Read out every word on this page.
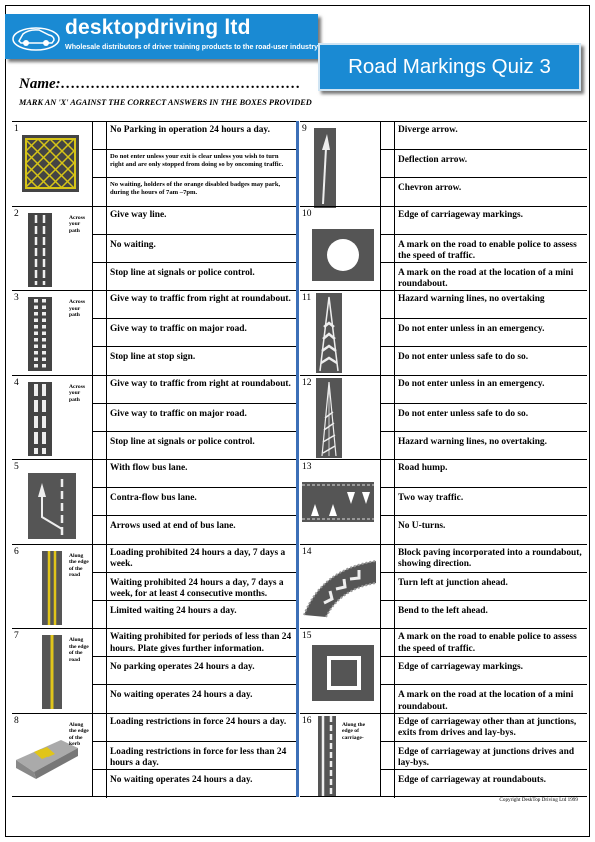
desktopdriving ltd
Wholesale distributors of driver training products to the road-user industry
Road Markings Quiz 3
Name:…………………………………………
MARK AN 'X' AGAINST THE CORRECT ANSWERS IN THE BOXES PROVIDED
1	No Parking in operation 24 hours a day.
Do not enter unless your exit is clear unless you wish to turn right and are only stopped from doing so by oncoming traffic.
No waiting, holders of the orange disabled badges may park, during the hours of 7am –7pm.
2	Across your path
Give way line.
No waiting.
Stop line at signals or police control.
3	Across your path
Give way to traffic from right at roundabout.
Give way to traffic on major road.
Stop line at stop sign.
4	Across your path
Give way to traffic from right at roundabout.
Give way to traffic on major road.
Stop line at signals or police control.
5	With flow bus lane.
Contra-flow bus lane.
Arrows used at end of bus lane.
6	Along the edge of the road
Loading prohibited 24 hours a day, 7 days a week.
Waiting prohibited 24 hours a day, 7 days a week, for at least 4 consecutive months.
Limited waiting 24 hours a day.
7	Along the edge of the road
Waiting prohibited for periods of less than 24 hours. Plate gives further information.
No parking operates 24 hours a day.
No waiting operates 24 hours a day.
8	Along the edge of the kerb
Loading restrictions in force 24 hours a day.
Loading restrictions in force for less than 24 hours a day.
No waiting operates 24 hours a day.
9	Diverge arrow.
Deflection arrow.
Chevron arrow.
10	Edge of carriageway markings.
A mark on the road to enable police to assess the speed of traffic.
A mark on the road at the location of a mini roundabout.
11	Hazard warning lines, no overtaking
Do not enter unless in an emergency.
Do not enter unless safe to do so.
12	Do not enter unless in an emergency.
Do not enter unless safe to do so.
Hazard warning lines, no overtaking.
13	Road hump.
Two way traffic.
No U-turns.
14	Block paving incorporated into a roundabout, showing direction.
Turn left at junction ahead.
Bend to the left ahead.
15	A mark on the road to enable police to assess the speed of traffic.
Edge of carriageway markings.
A mark on the road at the location of a mini roundabout.
16	Along the edge of carriage-
Edge of carriageway other than at junctions, exits from drives and lay-bys.
Edge of carriageway at junctions drives and lay-bys.
Edge of carriageway at roundabouts.
Copyright DeskTop Driving Ltd 1999
